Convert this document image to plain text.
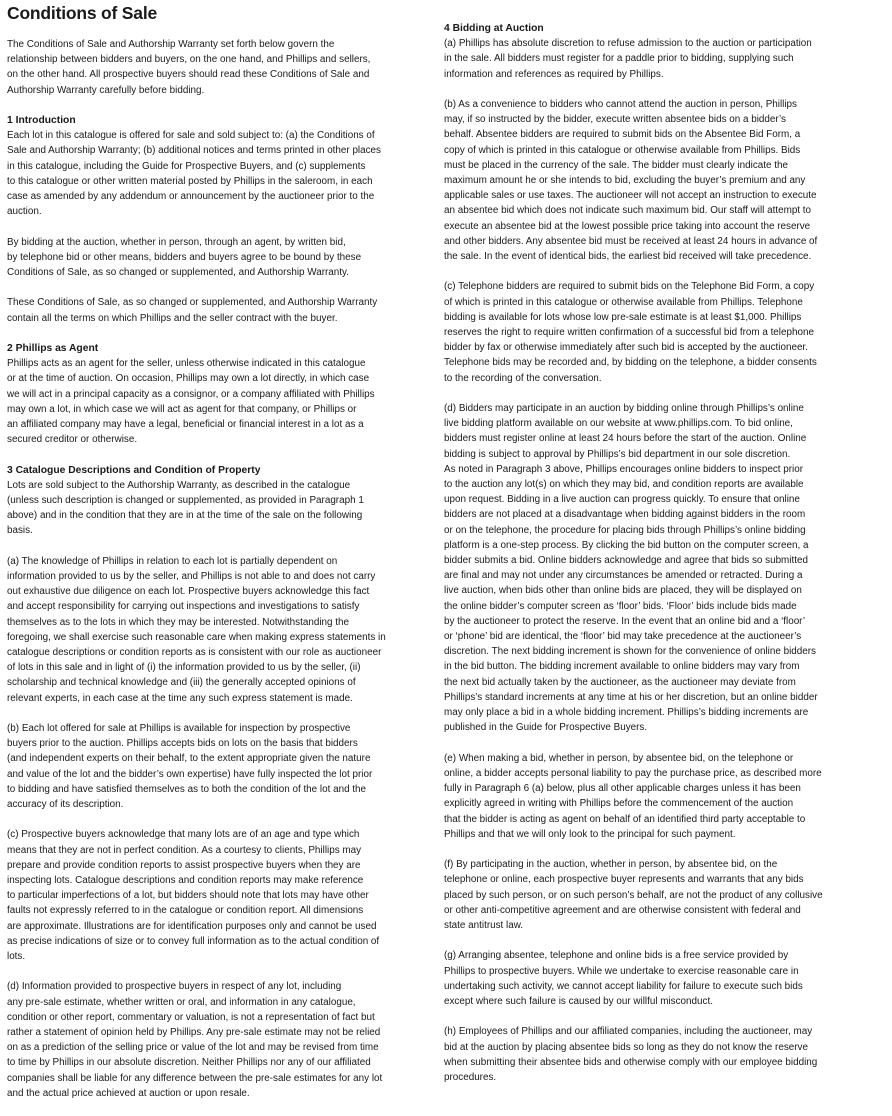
Conditions of Sale

The Conditions of Sale and Authorship Warranty set forth below govern the
relationship between bidders and buyers, on the one hand, and Phillips and sellers,
on the other hand. All prospective buyers should read these Conditions of Sale and
Authorship Warranty carefully before bidding.

1 Introduction

Each lot in this catalogue is offered for sale and sold subject to: (a) the Conditions of
Sale and Authorship Warranty; (b) additional notices and terms printed in other places
in this catalogue, including the Guide for Prospective Buyers, and (c) supplements
to this catalogue or other written material posted by Phillips in the saleroom, in each
case as amended by any addendum or announcement by the auctioneer prior to the
auction.

By bidding at the auction, whether in person, through an agent, by written bid,
by telephone bid or other means, bidders and buyers agree to be bound by these
Conditions of Sale, as so changed or supplemented, and Authorship Warranty.

These Conditions of Sale, as so changed or supplemented, and Authorship Warranty
contain all the terms on which Phillips and the seller contract with the buyer.

2 Phillips as Agent

Phillips acts as an agent for the seller, unless otherwise indicated in this catalogue
or at the time of auction. On occasion, Phillips may own a lot directly, in which case
we will act in a principal capacity as a consignor, or a company affiliated with Phillips
may own a lot, in which case we will act as agent for that company, or Phillips or
an affiliated company may have a legal, beneficial or financial interest in a lot as a
secured creditor or otherwise.

3 Catalogue Descriptions and Condition of Property

Lots are sold subject to the Authorship Warranty, as described in the catalogue
(unless such description is changed or supplemented, as provided in Paragraph 1
above) and in the condition that they are in at the time of the sale on the following
basis.

(a) The knowledge of Phillips in relation to each lot is partially dependent on
information provided to us by the seller, and Phillips is not able to and does not carry
out exhaustive due diligence on each lot. Prospective buyers acknowledge this fact
and accept responsibility for carrying out inspections and investigations to satisfy
themselves as to the lots in which they may be interested. Notwithstanding the
foregoing, we shall exercise such reasonable care when making express statements in
catalogue descriptions or condition reports as is consistent with our role as auctioneer
of lots in this sale and in light of (i) the information provided to us by the seller, (ii)
scholarship and technical knowledge and (iii) the generally accepted opinions of
relevant experts, in each case at the time any such express statement is made.

(b) Each lot offered for sale at Phillips is available for inspection by prospective
buyers prior to the auction. Phillips accepts bids on lots on the basis that bidders
(and independent experts on their behalf, to the extent appropriate given the nature
and value of the lot and the bidder’s own expertise) have fully inspected the lot prior
to bidding and have satisfied themselves as to both the condition of the lot and the
accuracy of its description.

(c) Prospective buyers acknowledge that many lots are of an age and type which
means that they are not in perfect condition. As a courtesy to clients, Phillips may
prepare and provide condition reports to assist prospective buyers when they are
inspecting lots. Catalogue descriptions and condition reports may make reference
to particular imperfections of a lot, but bidders should note that lots may have other
faults not expressly referred to in the catalogue or condition report. All dimensions
are approximate. Illustrations are for identification purposes only and cannot be used
as precise indications of size or to convey full information as to the actual condition of
lots.

(d) Information provided to prospective buyers in respect of any lot, including
any pre-sale estimate, whether written or oral, and information in any catalogue,
condition or other report, commentary or valuation, is not a representation of fact but
rather a statement of opinion held by Phillips. Any pre-sale estimate may not be relied
on as a prediction of the selling price or value of the lot and may be revised from time
to time by Phillips in our absolute discretion. Neither Phillips nor any of our affiliated
companies shall be liable for any difference between the pre-sale estimates for any lot
and the actual price achieved at auction or upon resale.

4 Bidding at Auction

(a) Phillips has absolute discretion to refuse admission to the auction or participation
in the sale. All bidders must register for a paddle prior to bidding, supplying such
information and references as required by Phillips.

(b) As a convenience to bidders who cannot attend the auction in person, Phillips
may, if so instructed by the bidder, execute written absentee bids on a bidder’s
behalf. Absentee bidders are required to submit bids on the Absentee Bid Form, a
copy of which is printed in this catalogue or otherwise available from Phillips. Bids
must be placed in the currency of the sale. The bidder must clearly indicate the
maximum amount he or she intends to bid, excluding the buyer’s premium and any
applicable sales or use taxes. The auctioneer will not accept an instruction to execute
an absentee bid which does not indicate such maximum bid. Our staff will attempt to
execute an absentee bid at the lowest possible price taking into account the reserve
and other bidders. Any absentee bid must be received at least 24 hours in advance of
the sale. In the event of identical bids, the earliest bid received will take precedence.

(c) Telephone bidders are required to submit bids on the Telephone Bid Form, a copy
of which is printed in this catalogue or otherwise available from Phillips. Telephone
bidding is available for lots whose low pre-sale estimate is at least $1,000. Phillips
reserves the right to require written confirmation of a successful bid from a telephone
bidder by fax or otherwise immediately after such bid is accepted by the auctioneer.
Telephone bids may be recorded and, by bidding on the telephone, a bidder consents
to the recording of the conversation.

(d) Bidders may participate in an auction by bidding online through Phillips’s online
live bidding platform available on our website at www.phillips.com. To bid online,
bidders must register online at least 24 hours before the start of the auction. Online
bidding is subject to approval by Phillips’s bid department in our sole discretion.
As noted in Paragraph 3 above, Phillips encourages online bidders to inspect prior
to the auction any lot(s) on which they may bid, and condition reports are available
upon request. Bidding in a live auction can progress quickly. To ensure that online
bidders are not placed at a disadvantage when bidding against bidders in the room
or on the telephone, the procedure for placing bids through Phillips’s online bidding
platform is a one-step process. By clicking the bid button on the computer screen, a
bidder submits a bid. Online bidders acknowledge and agree that bids so submitted
are final and may not under any circumstances be amended or retracted. During a
live auction, when bids other than online bids are placed, they will be displayed on
the online bidder’s computer screen as ‘floor’ bids. ‘Floor’ bids include bids made
by the auctioneer to protect the reserve. In the event that an online bid and a ‘floor’
or ‘phone’ bid are identical, the ‘floor’ bid may take precedence at the auctioneer’s
discretion. The next bidding increment is shown for the convenience of online bidders
in the bid button. The bidding increment available to online bidders may vary from
the next bid actually taken by the auctioneer, as the auctioneer may deviate from
Phillips’s standard increments at any time at his or her discretion, but an online bidder
may only place a bid in a whole bidding increment. Phillips’s bidding increments are
published in the Guide for Prospective Buyers.

(e) When making a bid, whether in person, by absentee bid, on the telephone or
online, a bidder accepts personal liability to pay the purchase price, as described more
fully in Paragraph 6 (a) below, plus all other applicable charges unless it has been
explicitly agreed in writing with Phillips before the commencement of the auction
that the bidder is acting as agent on behalf of an identified third party acceptable to
Phillips and that we will only look to the principal for such payment.

(f) By participating in the auction, whether in person, by absentee bid, on the
telephone or online, each prospective buyer represents and warrants that any bids
placed by such person, or on such person’s behalf, are not the product of any collusive
or other anti-competitive agreement and are otherwise consistent with federal and
state antitrust law.

(g) Arranging absentee, telephone and online bids is a free service provided by
Phillips to prospective buyers. While we undertake to exercise reasonable care in
undertaking such activity, we cannot accept liability for failure to execute such bids
except where such failure is caused by our willful misconduct.

(h) Employees of Phillips and our affiliated companies, including the auctioneer, may
bid at the auction by placing absentee bids so long as they do not know the reserve
when submitting their absentee bids and otherwise comply with our employee bidding
procedures.
